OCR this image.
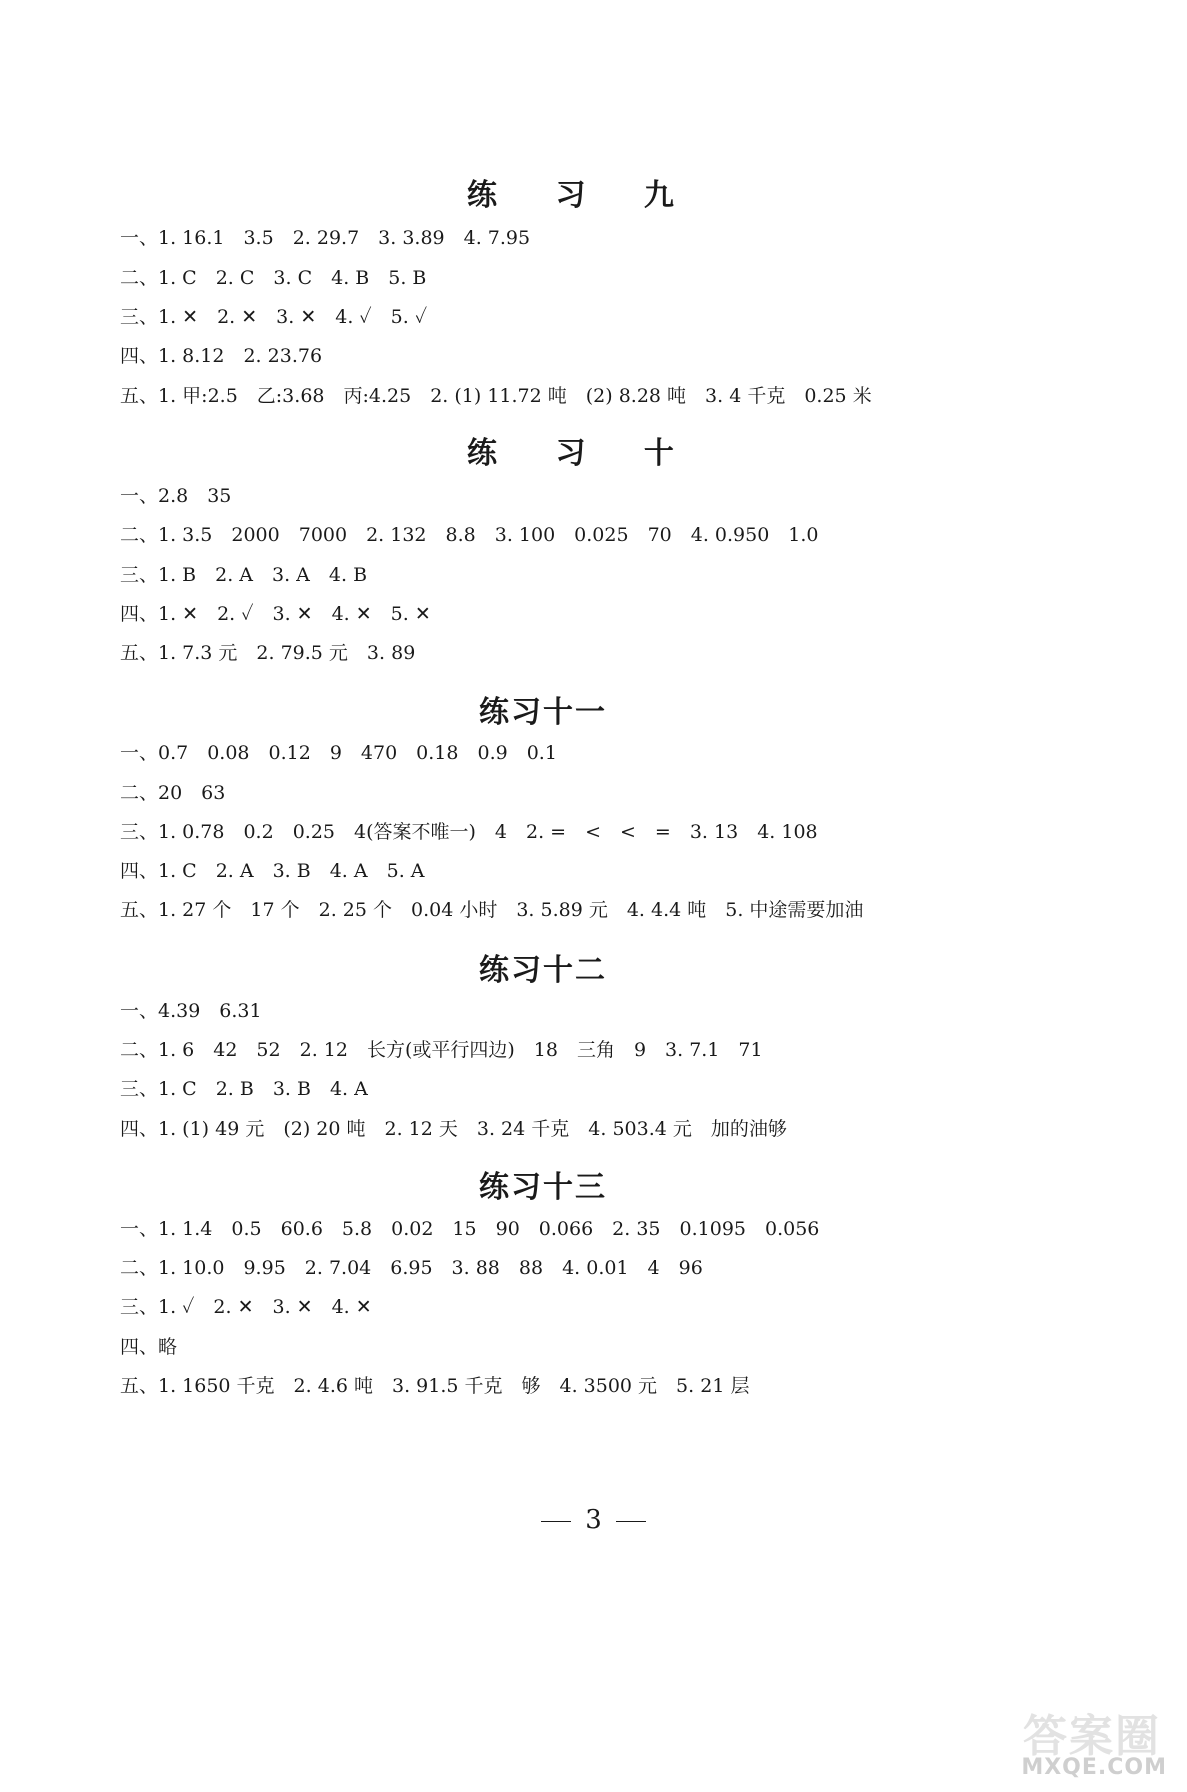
练 习 九
一、1. 16.1　3.5　2. 29.7　3. 3.89　4. 7.95
二、1. C　2. C　3. C　4. B　5. B
三、1. ✕　2. ✕　3. ✕　4. ✓　5. ✓
四、1. 8.12　2. 23.76
五、1. 甲:2.5　乙:3.68　丙:4.25　2. (1) 11.72 吨　(2) 8.28 吨　3. 4 千克　0.25 米
练 习 十
一、2.8　35
二、1. 3.5　2000　7000　2. 132　8.8　3. 100　0.025　70　4. 0.950　1.0
三、1. B　2. A　3. A　4. B
四、1. ✕　2. ✓　3. ✕　4. ✕　5. ✕
五、1. 7.3 元　2. 79.5 元　3. 89
练习十一
一、0.7　0.08　0.12　9　470　0.18　0.9　0.1
二、20　63
三、1. 0.78　0.2　0.25　4(答案不唯一)　4　2. =　<　<　=　3. 13　4. 108
四、1. C　2. A　3. B　4. A　5. A
五、1. 27 个　17 个　2. 25 个　0.04 小时　3. 5.89 元　4. 4.4 吨　5. 中途需要加油
练习十二
一、4.39　6.31
二、1. 6　42　52　2. 12　长方(或平行四边)　18　三角　9　3. 7.1　71
三、1. C　2. B　3. B　4. A
四、1. (1) 49 元　(2) 20 吨　2. 12 天　3. 24 千克　4. 503.4 元　加的油够
练习十三
一、1. 1.4　0.5　60.6　5.8　0.02　15　90　0.066　2. 35　0.1095　0.056
二、1. 10.0　9.95　2. 7.04　6.95　3. 88　88　4. 0.01　4　96
三、1. ✓　2. ✕　3. ✕　4. ✕
四、略
五、1. 1650 千克　2. 4.6 吨　3. 91.5 千克　够　4. 3500 元　5. 21 层
3
答案圈
MXQE.COM
